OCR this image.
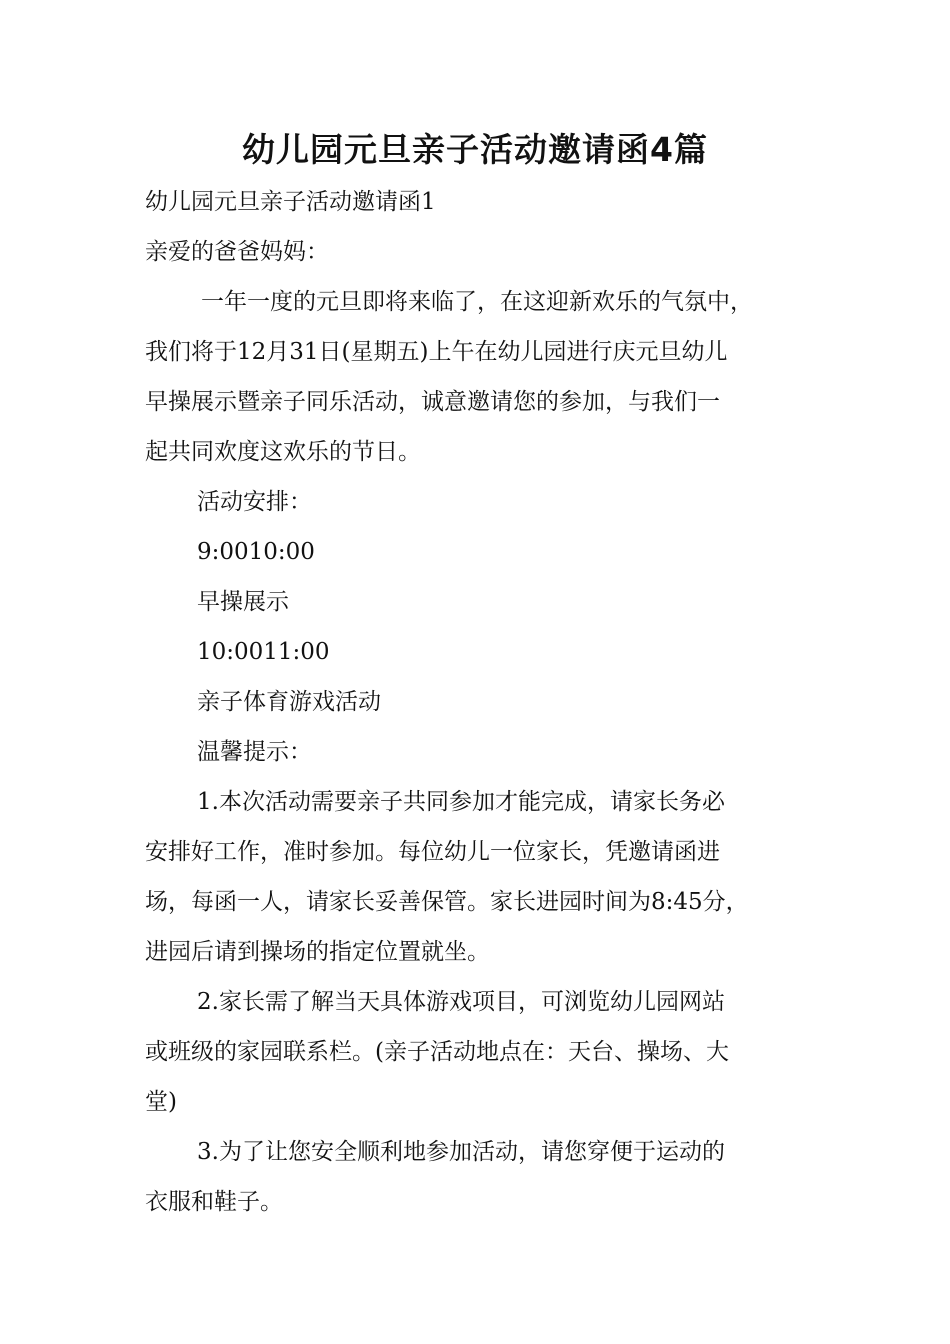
幼儿园元旦亲子活动邀请函4篇

幼儿园元旦亲子活动邀请函1

亲爱的爸爸妈妈：

一年一度的元旦即将来临了，在这迎新欢乐的气氛中，

我们将于12月31日(星期五)上午在幼儿园进行庆元旦幼儿

早操展示暨亲子同乐活动，诚意邀请您的参加，与我们一

起共同欢度这欢乐的节日。

活动安排：

9:0010:00

早操展示

10:0011:00

亲子体育游戏活动

温馨提示：

1.本次活动需要亲子共同参加才能完成，请家长务必

安排好工作，准时参加。每位幼儿一位家长，凭邀请函进

场，每函一人，请家长妥善保管。家长进园时间为8:45分，

进园后请到操场的指定位置就坐。

2.家长需了解当天具体游戏项目，可浏览幼儿园网站

或班级的家园联系栏。(亲子活动地点在：天台、操场、大

堂)

3.为了让您安全顺利地参加活动，请您穿便于运动的

衣服和鞋子。
